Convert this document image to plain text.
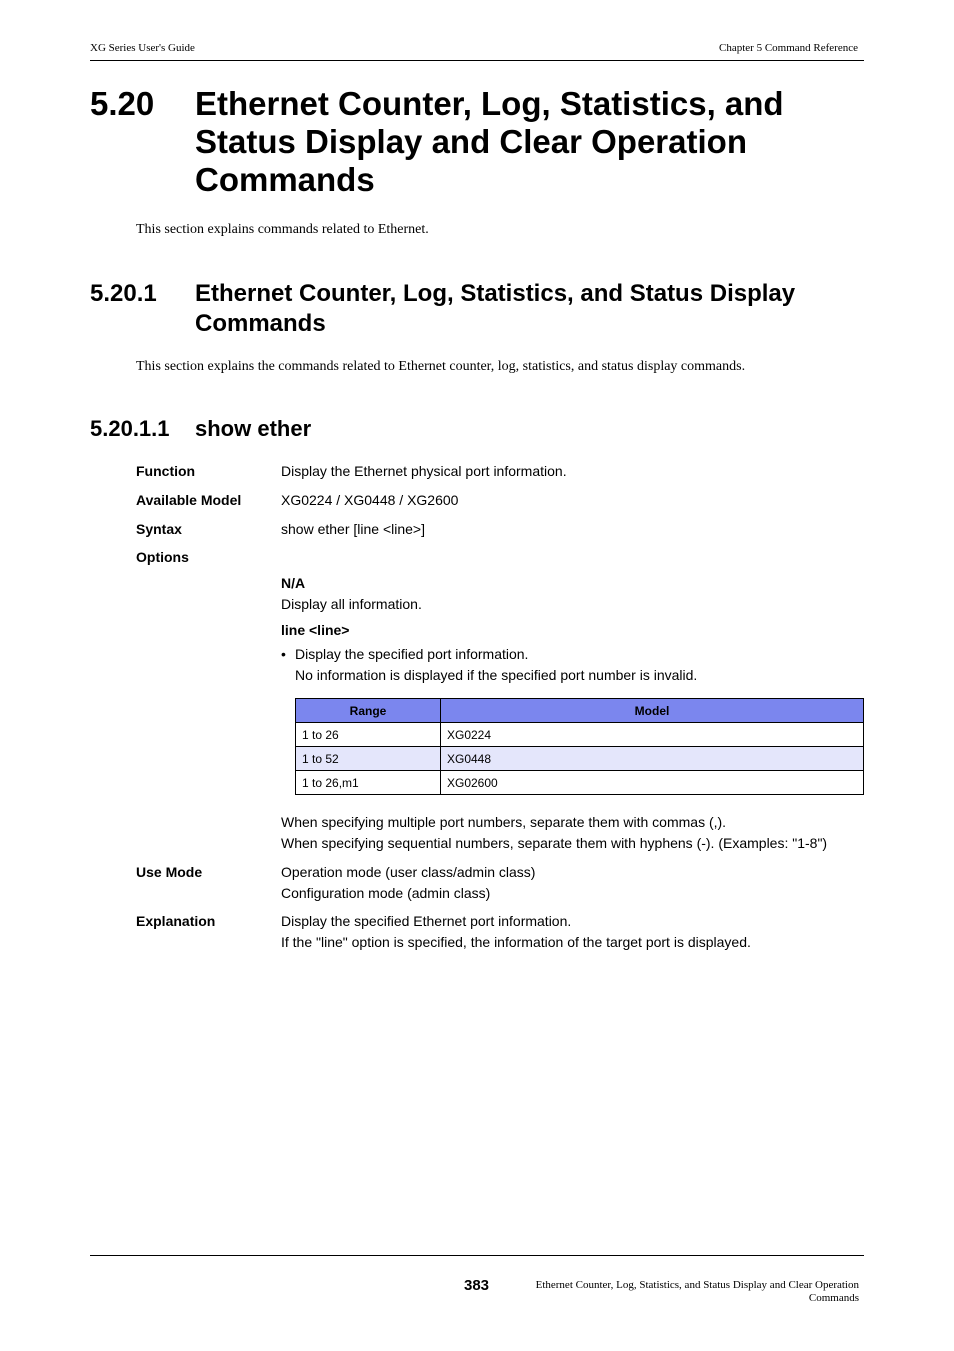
XG Series User's Guide	Chapter 5 Command Reference
5.20 Ethernet Counter, Log, Statistics, and
Status Display and Clear Operation
Commands
This section explains commands related to Ethernet.
5.20.1 Ethernet Counter, Log, Statistics, and Status Display
Commands
This section explains the commands related to Ethernet counter, log, statistics, and status display commands.
5.20.1.1 show ether
Function	Display the Ethernet physical port information.
Available Model	XG0224 / XG0448 / XG2600
Syntax	show ether [line <line>]
Options
N/A
Display all information.
line <line>
• Display the specified port information.
No information is displayed if the specified port number is invalid.
Range	Model
1 to 26	XG0224
1 to 52	XG0448
1 to 26,m1	XG02600
When specifying multiple port numbers, separate them with commas (,).
When specifying sequential numbers, separate them with hyphens (-). (Examples: "1-8")
Use Mode	Operation mode (user class/admin class)
Configuration mode (admin class)
Explanation	Display the specified Ethernet port information.
If the "line" option is specified, the information of the target port is displayed.
383	Ethernet Counter, Log, Statistics, and Status Display and Clear Operation
Commands
